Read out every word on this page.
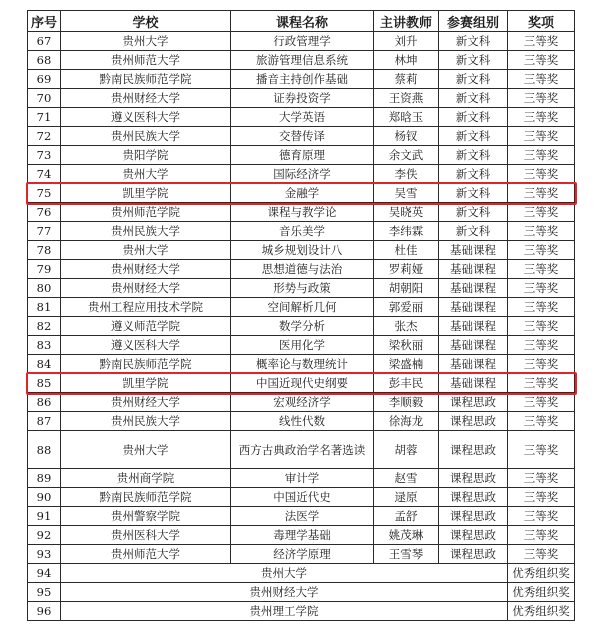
序号	学校	课程名称	主讲教师	参赛组别	奖项
67	贵州大学	行政管理学	刘升	新文科	三等奖
68	贵州师范大学	旅游管理信息系统	林坤	新文科	三等奖
69	黔南民族师范学院	播音主持创作基础	蔡莉	新文科	三等奖
70	贵州财经大学	证券投资学	王资燕	新文科	三等奖
71	遵义医科大学	大学英语	郑晗玉	新文科	三等奖
72	贵州民族大学	交替传译	杨钗	新文科	三等奖
73	贵阳学院	德育原理	余文武	新文科	三等奖
74	贵州大学	国际经济学	李佚	新文科	三等奖
75	凯里学院	金融学	吴雪	新文科	三等奖
76	贵州师范学院	课程与教学论	吴晓英	新文科	三等奖
77	贵州民族大学	音乐美学	李纬霖	新文科	三等奖
78	贵州大学	城乡规划设计八	杜佳	基础课程	三等奖
79	贵州财经大学	思想道德与法治	罗莉娅	基础课程	三等奖
80	贵州财经大学	形势与政策	胡朝阳	基础课程	三等奖
81	贵州工程应用技术学院	空间解析几何	郭爱丽	基础课程	三等奖
82	遵义师范学院	数学分析	张杰	基础课程	三等奖
83	遵义医科大学	医用化学	梁秋丽	基础课程	三等奖
84	黔南民族师范学院	概率论与数理统计	梁盛楠	基础课程	三等奖
85	凯里学院	中国近现代史纲要	彭丰民	基础课程	三等奖
86	贵州财经大学	宏观经济学	李顺毅	课程思政	三等奖
87	贵州民族大学	线性代数	徐海龙	课程思政	三等奖
88	贵州大学	西方古典政治学名著选读	胡蓉	课程思政	三等奖
89	贵州商学院	审计学	赵雪	课程思政	三等奖
90	黔南民族师范学院	中国近代史	逯原	课程思政	三等奖
91	贵州警察学院	法医学	孟舒	课程思政	三等奖
92	贵州医科大学	毒理学基础	姚茂琳	课程思政	三等奖
93	贵州师范大学	经济学原理	王雪琴	课程思政	三等奖
94	贵州大学				优秀组织奖
95	贵州财经大学				优秀组织奖
96	贵州理工学院				优秀组织奖
